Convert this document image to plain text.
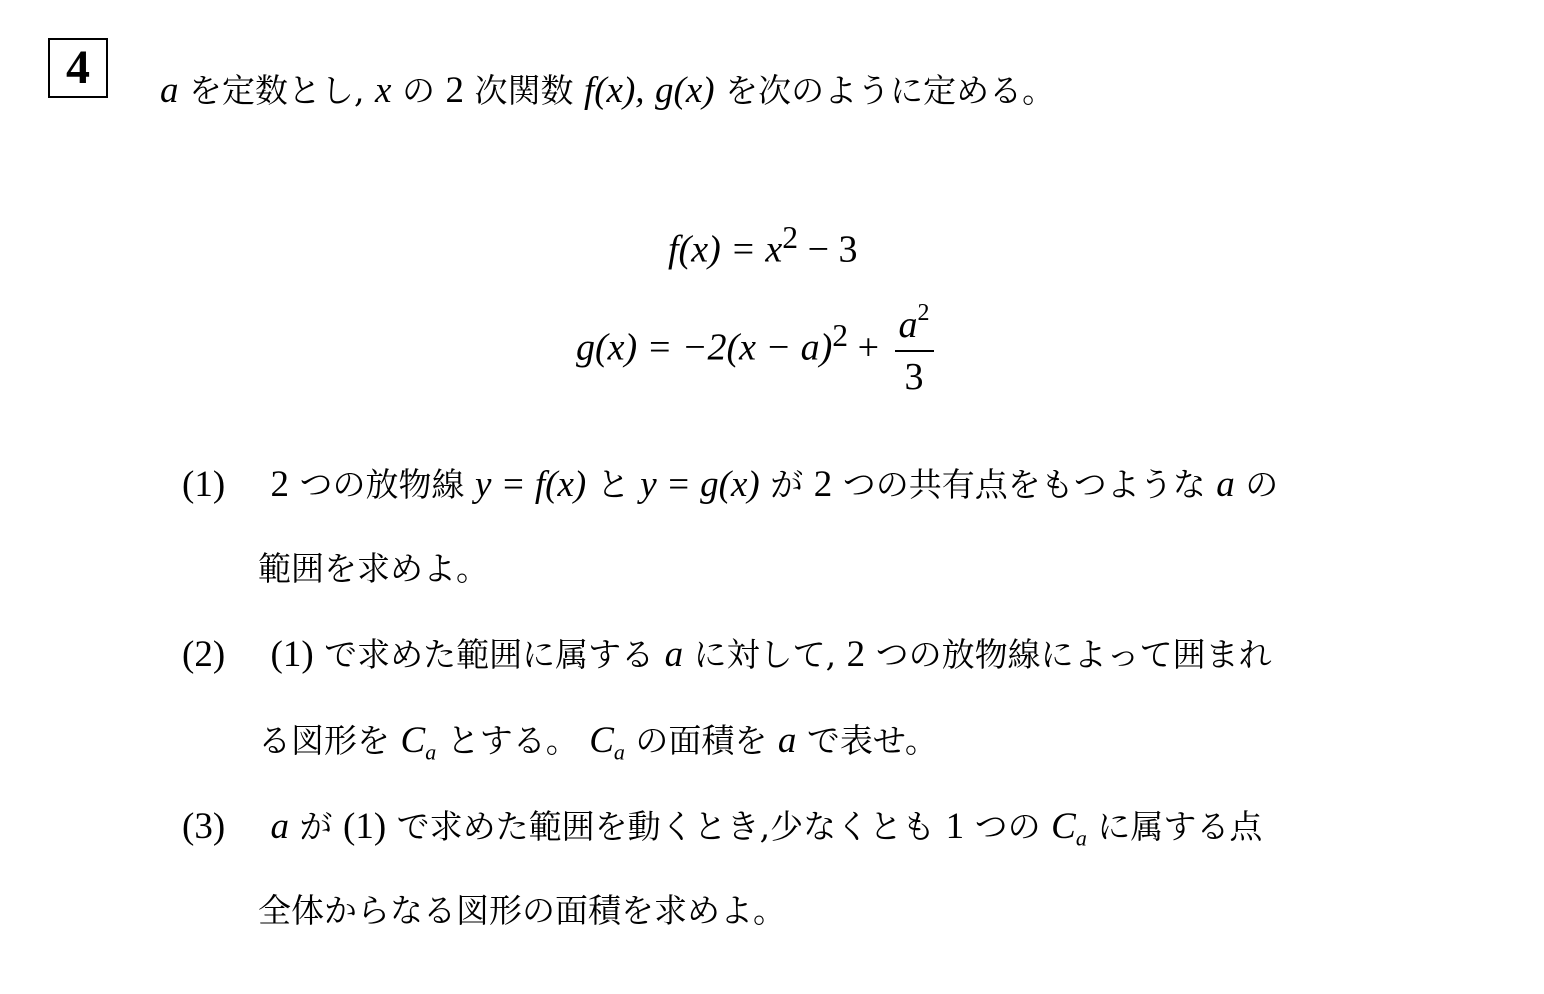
4 a を定数とし, x の 2 次関数 f(x), g(x) を次のように定める。
$f(x) = x^2 - 3$
$g(x) = -2(x - a)^2 + \frac{a^2}{3}$
(1) 2 つの放物線 y = f(x) と y = g(x) が 2 つの共有点をもつような a の
範囲を求めよ。
(2) (1) で求めた範囲に属する a に対して, 2 つの放物線によって囲まれ
る図形を $C_a$ とする。 $C_a$ の面積を a で表せ。
(3) a が (1) で求めた範囲を動くとき,少なくとも 1 つの $C_a$ に属する点
全体からなる図形の面積を求めよ。
